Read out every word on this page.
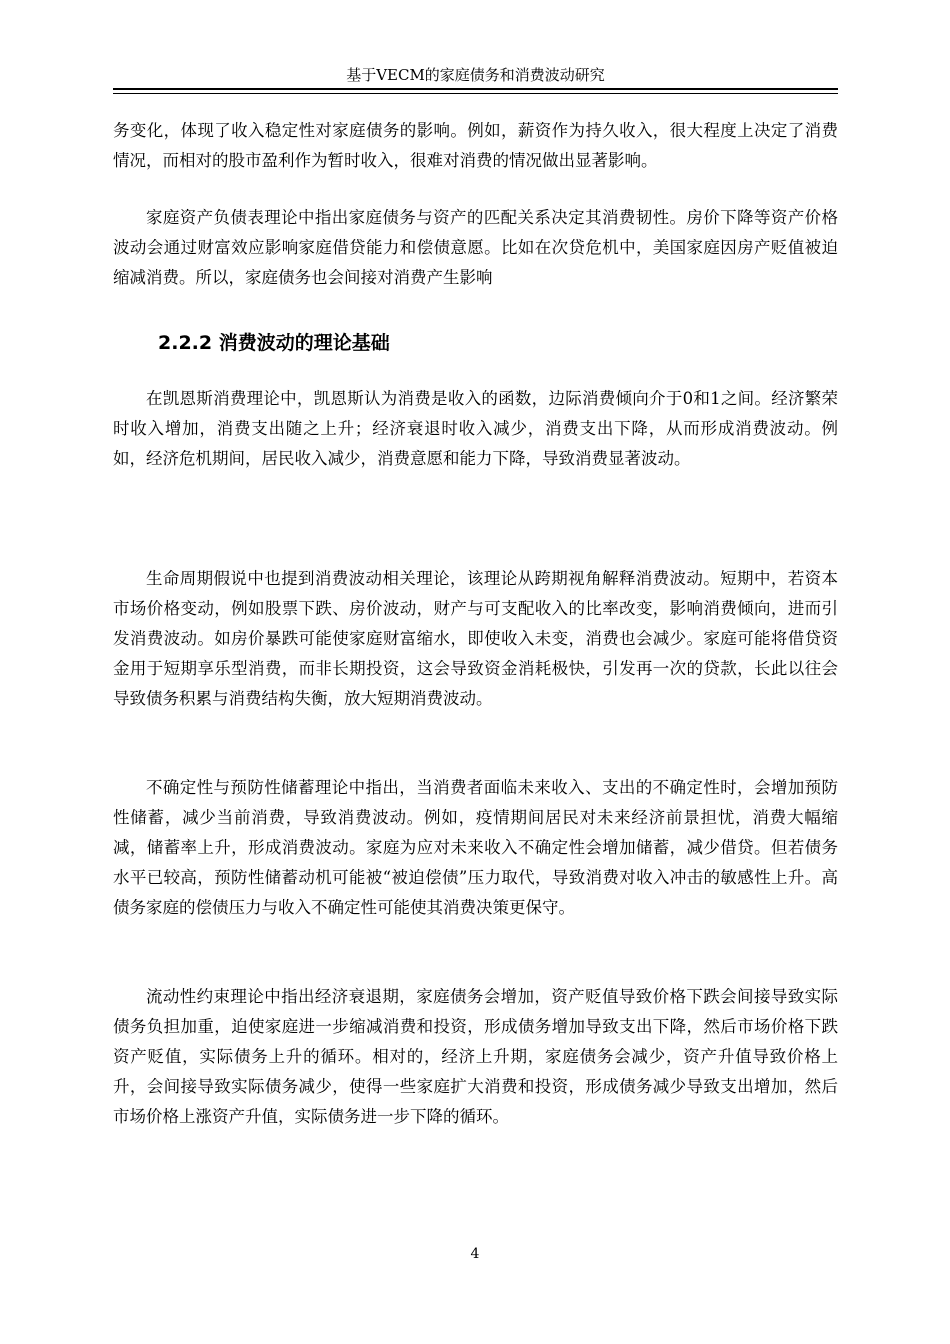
基于VECM的家庭债务和消费波动研究

务变化，体现了收入稳定性对家庭债务的影响。例如，薪资作为持久收入，很大程度上决定了消费情况，而相对的股市盈利作为暂时收入，很难对消费的情况做出显著影响。

家庭资产负债表理论中指出家庭债务与资产的匹配关系决定其消费韧性。房价下降等资产价格波动会通过财富效应影响家庭借贷能力和偿债意愿。比如在次贷危机中，美国家庭因房产贬值被迫缩减消费。所以，家庭债务也会间接对消费产生影响

2.2.2 消费波动的理论基础

在凯恩斯消费理论中，凯恩斯认为消费是收入的函数，边际消费倾向介于0和1之间。经济繁荣时收入增加，消费支出随之上升；经济衰退时收入减少，消费支出下降，从而形成消费波动。例如，经济危机期间，居民收入减少，消费意愿和能力下降，导致消费显著波动。

生命周期假说中也提到消费波动相关理论，该理论从跨期视角解释消费波动。短期中，若资本市场价格变动，例如股票下跌、房价波动，财产与可支配收入的比率改变，影响消费倾向，进而引发消费波动。如房价暴跌可能使家庭财富缩水，即使收入未变，消费也会减少。家庭可能将借贷资金用于短期享乐型消费，而非长期投资，这会导致资金消耗极快，引发再一次的贷款，长此以往会导致债务积累与消费结构失衡，放大短期消费波动。

不确定性与预防性储蓄理论中指出，当消费者面临未来收入、支出的不确定性时，会增加预防性储蓄，减少当前消费，导致消费波动。例如，疫情期间居民对未来经济前景担忧，消费大幅缩减，储蓄率上升，形成消费波动。家庭为应对未来收入不确定性会增加储蓄，减少借贷。但若债务水平已较高，预防性储蓄动机可能被“被迫偿债”压力取代，导致消费对收入冲击的敏感性上升。高债务家庭的偿债压力与收入不确定性可能使其消费决策更保守。

流动性约束理论中指出经济衰退期，家庭债务会增加，资产贬值导致价格下跌会间接导致实际债务负担加重，迫使家庭进一步缩减消费和投资，形成债务增加导致支出下降，然后市场价格下跌资产贬值，实际债务上升的循环。相对的，经济上升期，家庭债务会减少，资产升值导致价格上升，会间接导致实际债务减少，使得一些家庭扩大消费和投资，形成债务减少导致支出增加，然后市场价格上涨资产升值，实际债务进一步下降的循环。

4
